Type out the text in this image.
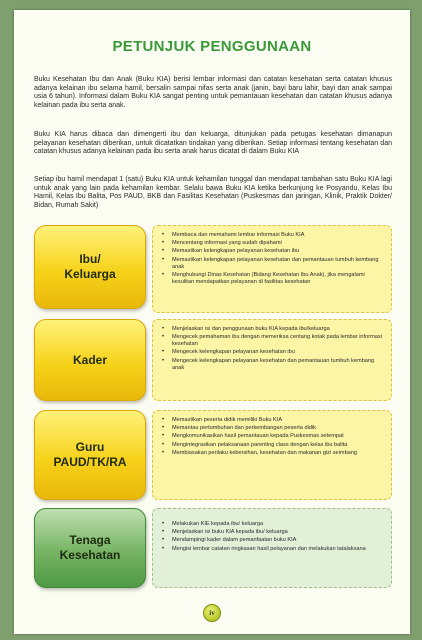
PETUNJUK PENGGUNAAN

Buku Kesehatan Ibu dan Anak (Buku KIA) berisi lembar informasi dan catatan kesehatan serta catatan khusus adanya kelainan ibu selama hamil, bersalin sampai nifas serta anak (janin, bayi baru lahir, bayi dan anak sampai usia 6 tahun). Informasi dalam Buku KIA sangat penting untuk pemantauan kesehatan dan catatan khusus adanya kelainan pada ibu serta anak.

Buku KIA harus dibaca dan dimengerti ibu dan keluarga, ditunjukan pada petugas kesehatan dimanapun pelayanan kesehatan diberikan, untuk dicatatkan tindakan yang diberikan. Setiap informasi tentang kesehatan dan catatan khusus adanya kelainan pada ibu serta anak harus dicatat di dalam Buku KIA

Setiap ibu hamil mendapat 1 (satu) Buku KIA untuk kehamilan tunggal dan mendapat tambahan satu Buku KIA lagi untuk anak yang lain pada kehamilan kembar. Selalu bawa Buku KIA ketika berkunjung ke Posyandu, Kelas Ibu Hamil, Kelas Ibu Balita, Pos PAUD, BKB dan Fasilitas Kesehatan (Puskesmas dan jaringan, Klinik, Praktik Dokter/ Bidan, Rumah Sakit)

Ibu/
Keluarga
• Membaca dan memahami lembar informasi Buku KIA
• Mencentang informasi yang sudah dipahami
• Memastikan kelengkapan pelayanan kesehatan ibu
• Memastikan kelengkapan pelayanan kesehatan dan pemantauan tumbuh kembang anak
• Menghubungi Dinas Kesehatan (Bidang Kesehatan Ibu Anak), jika mengalami kesulitan mendapatkan pelayanan di fasilitas kesehatan
Kader
• Menjelaskan isi dan penggunaan buku KIA kepada ibu/keluarga
• Mengecek pemahaman ibu dengan memeriksa centang kotak pada lembar informasi kesehatan
• Mengecek kelengkapan pelayanan kesehatan ibu
• Mengecek kelengkapan pelayanan kesehatan dan pemantauan tumbuh kembang anak
Guru
PAUD/TK/RA
• Memastikan peserta didik memiliki Buku KIA
• Memantau pertumbuhan dan perkembangan peserta didik
• Mengkomunikasikan hasil pemantauan kepada Puskesmas setempat
• Mengintegrasikan pelaksanaan parenting class dengan kelas ibu balita
• Membiasakan perilaku kebersihan, kesehatan dan makanan gizi seimbang
Tenaga
Kesehatan
• Melakukan KIE kepada ibu/ keluarga
• Menjelaskan isi buku KIA kepada ibu/ keluarga
• Mendampingi kader dalam pemanfaatan buku KIA
• Mengisi lembar catatan ringkasan hasil pelayanan dan melakukan tatalaksana
iv
